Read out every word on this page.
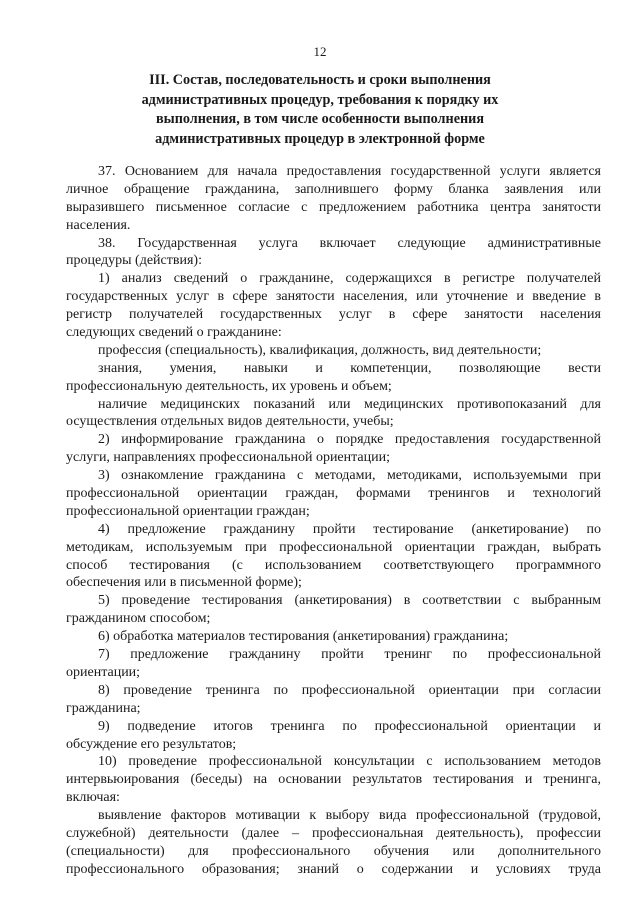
12
III. Состав, последовательность и сроки выполнения
административных процедур, требования к порядку их
выполнения, в том числе особенности выполнения
административных процедур в электронной форме
37. Основанием для начала предоставления государственной услуги является
личное обращение гражданина, заполнившего форму бланка заявления или
выразившего письменное согласие с предложением работника центра занятости
населения.
38. Государственная услуга включает следующие административные
процедуры (действия):
1) анализ сведений о гражданине, содержащихся в регистре получателей
государственных услуг в сфере занятости населения, или уточнение и введение в
регистр получателей государственных услуг в сфере занятости населения
следующих сведений о гражданине:
профессия (специальность), квалификация, должность, вид деятельности;
знания, умения, навыки и компетенции, позволяющие вести
профессиональную деятельность, их уровень и объем;
наличие медицинских показаний или медицинских противопоказаний для
осуществления отдельных видов деятельности, учебы;
2) информирование гражданина о порядке предоставления государственной
услуги, направлениях профессиональной ориентации;
3) ознакомление гражданина с методами, методиками, используемыми при
профессиональной ориентации граждан, формами тренингов и технологий
профессиональной ориентации граждан;
4) предложение гражданину пройти тестирование (анкетирование) по
методикам, используемым при профессиональной ориентации граждан, выбрать
способ тестирования (с использованием соответствующего программного
обеспечения или в письменной форме);
5) проведение тестирования (анкетирования) в соответствии с выбранным
гражданином способом;
6) обработка материалов тестирования (анкетирования) гражданина;
7) предложение гражданину пройти тренинг по профессиональной
ориентации;
8) проведение тренинга по профессиональной ориентации при согласии
гражданина;
9) подведение итогов тренинга по профессиональной ориентации и
обсуждение его результатов;
10) проведение профессиональной консультации с использованием методов
интервьюирования (беседы) на основании результатов тестирования и тренинга,
включая:
выявление факторов мотивации к выбору вида профессиональной (трудовой,
служебной) деятельности (далее – профессиональная деятельность), профессии
(специальности) для профессионального обучения или дополнительного
профессионального образования; знаний о содержании и условиях труда
